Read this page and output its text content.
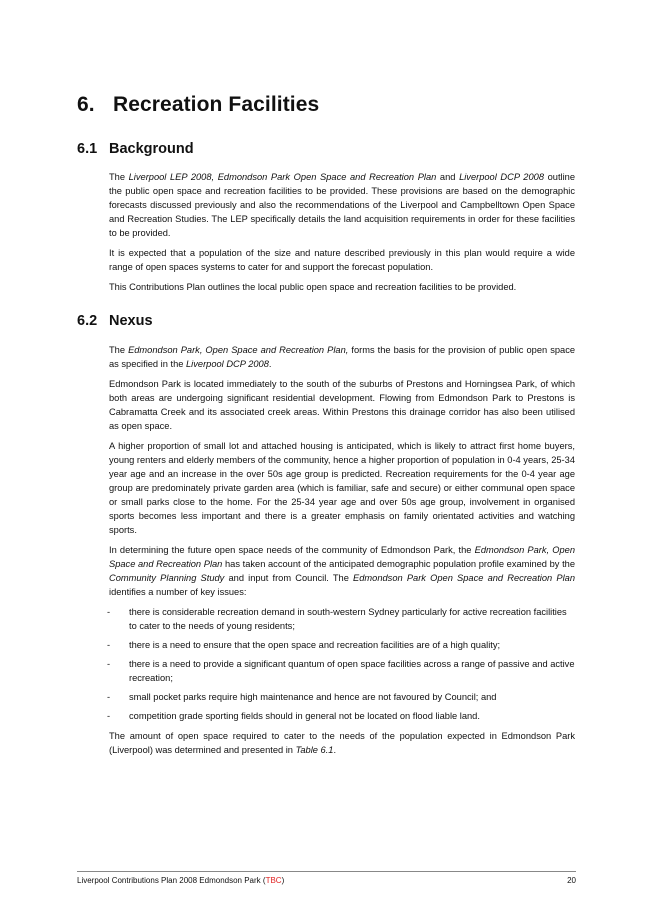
6. Recreation Facilities
6.1 Background

The Liverpool LEP 2008, Edmondson Park Open Space and Recreation Plan and Liverpool DCP 2008 outline the public open space and recreation facilities to be provided. These provisions are based on the demographic forecasts discussed previously and also the recommendations of the Liverpool and Campbelltown Open Space and Recreation Studies. The LEP specifically details the land acquisition requirements in order for these facilities to be provided.

It is expected that a population of the size and nature described previously in this plan would require a wide range of open spaces systems to cater for and support the forecast population.

This Contributions Plan outlines the local public open space and recreation facilities to be provided.

6.2 Nexus

The Edmondson Park, Open Space and Recreation Plan, forms the basis for the provision of public open space as specified in the Liverpool DCP 2008.

Edmondson Park is located immediately to the south of the suburbs of Prestons and Horningsea Park, of which both areas are undergoing significant residential development. Flowing from Edmondson Park to Prestons is Cabramatta Creek and its associated creek areas. Within Prestons this drainage corridor has also been utilised as open space.

A higher proportion of small lot and attached housing is anticipated, which is likely to attract first home buyers, young renters and elderly members of the community, hence a higher proportion of population in 0-4 years, 25-34 year age and an increase in the over 50s age group is predicted. Recreation requirements for the 0-4 year age group are predominately private garden area (which is familiar, safe and secure) or either communal open space or small parks close to the home. For the 25-34 year age and over 50s age group, involvement in organised sports becomes less important and there is a greater emphasis on family orientated activities and watching sports.

In determining the future open space needs of the community of Edmondson Park, the Edmondson Park, Open Space and Recreation Plan has taken account of the anticipated demographic population profile examined by the Community Planning Study and input from Council. The Edmondson Park Open Space and Recreation Plan identifies a number of key issues:

- there is considerable recreation demand in south-western Sydney particularly for active recreation facilities to cater to the needs of young residents;
- there is a need to ensure that the open space and recreation facilities are of a high quality;
- there is a need to provide a significant quantum of open space facilities across a range of passive and active recreation;
- small pocket parks require high maintenance and hence are not favoured by Council; and
- competition grade sporting fields should in general not be located on flood liable land.

The amount of open space required to cater to the needs of the population expected in Edmondson Park (Liverpool) was determined and presented in Table 6.1.

Liverpool Contributions Plan 2008 Edmondson Park (TBC)	20
